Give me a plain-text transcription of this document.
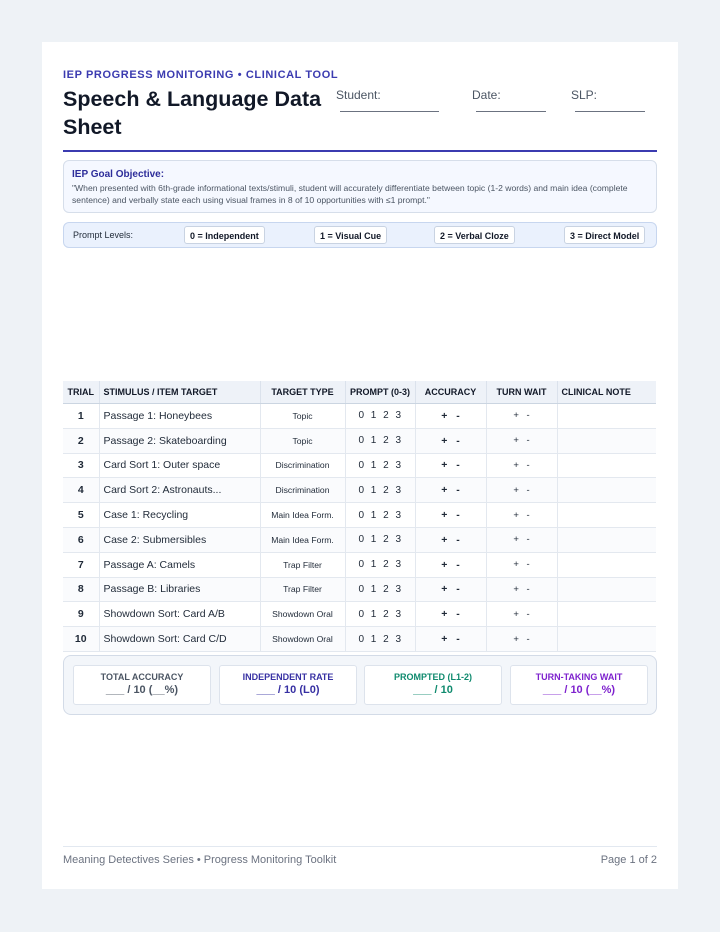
IEP PROGRESS MONITORING • CLINICAL TOOL
Speech & Language Data Sheet
Student:	Date:	SLP:
IEP Goal Objective:
"When presented with 6th-grade informational texts/stimuli, student will accurately differentiate between topic (1-2 words) and main idea (complete sentence) and verbally state each using visual frames in 8 of 10 opportunities with ≤1 prompt."
Prompt Levels:	0 = Independent	1 = Visual Cue	2 = Verbal Cloze	3 = Direct Model
TRIAL	STIMULUS / ITEM TARGET	TARGET TYPE	PROMPT (0-3)	ACCURACY	TURN WAIT	CLINICAL NOTE
1	Passage 1: Honeybees	Topic	0 1 2 3	+ -	+ -	
2	Passage 2: Skateboarding	Topic	0 1 2 3	+ -	+ -	
3	Card Sort 1: Outer space	Discrimination	0 1 2 3	+ -	+ -	
4	Card Sort 2: Astronauts...	Discrimination	0 1 2 3	+ -	+ -	
5	Case 1: Recycling	Main Idea Form.	0 1 2 3	+ -	+ -	
6	Case 2: Submersibles	Main Idea Form.	0 1 2 3	+ -	+ -	
7	Passage A: Camels	Trap Filter	0 1 2 3	+ -	+ -	
8	Passage B: Libraries	Trap Filter	0 1 2 3	+ -	+ -	
9	Showdown Sort: Card A/B	Showdown Oral	0 1 2 3	+ -	+ -	
10	Showdown Sort: Card C/D	Showdown Oral	0 1 2 3	+ -	+ -	
TOTAL ACCURACY
___ / 10 (__%)
INDEPENDENT RATE
___ / 10 (L0)
PROMPTED (L1-2)
___ / 10
TURN-TAKING WAIT
___ / 10 (__%)
Meaning Detectives Series • Progress Monitoring Toolkit	Page 1 of 2
